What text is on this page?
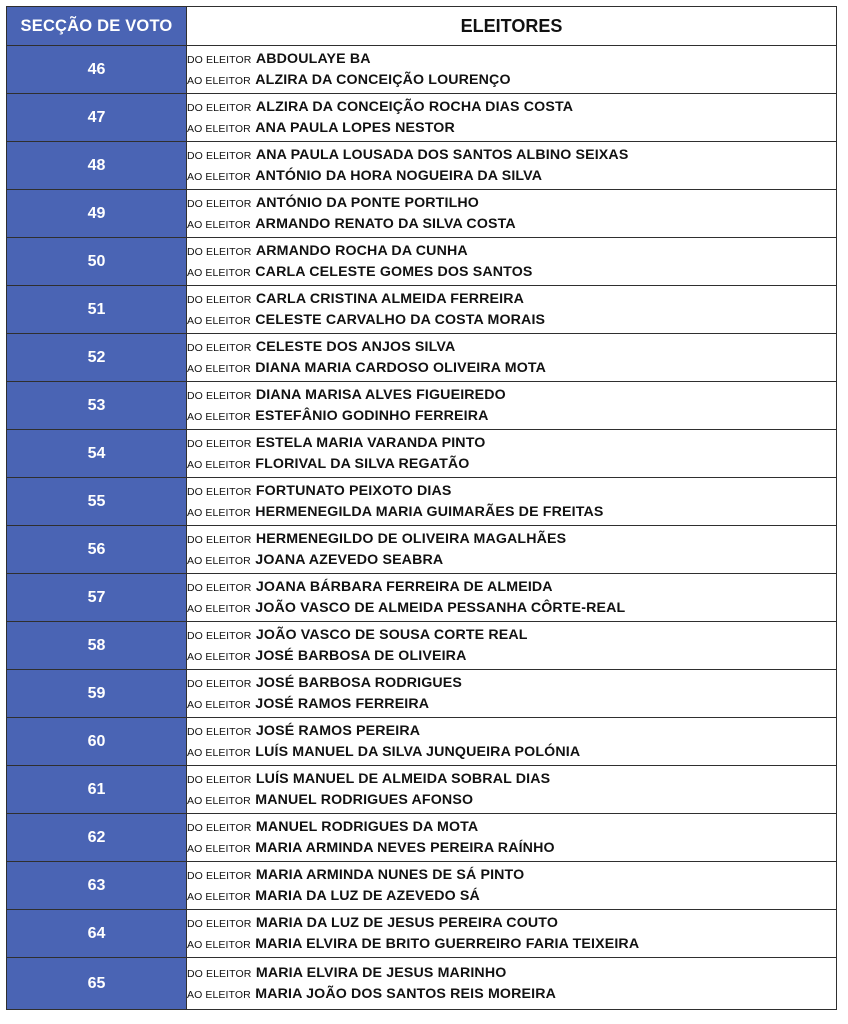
SECÇÃO DE VOTO	ELEITORES
46	DO ELEITOR ABDOULAYE BA
AO ELEITOR ALZIRA DA CONCEIÇÃO LOURENÇO

47	DO ELEITOR ALZIRA DA CONCEIÇÃO ROCHA DIAS COSTA
AO ELEITOR ANA PAULA LOPES NESTOR

48	DO ELEITOR ANA PAULA LOUSADA DOS SANTOS ALBINO SEIXAS
AO ELEITOR ANTÓNIO DA HORA NOGUEIRA DA SILVA

49	DO ELEITOR ANTÓNIO DA PONTE PORTILHO
AO ELEITOR ARMANDO RENATO DA SILVA COSTA

50	DO ELEITOR ARMANDO ROCHA DA CUNHA
AO ELEITOR CARLA CELESTE GOMES DOS SANTOS

51	DO ELEITOR CARLA CRISTINA ALMEIDA FERREIRA
AO ELEITOR CELESTE CARVALHO DA COSTA MORAIS

52	DO ELEITOR CELESTE DOS ANJOS SILVA
AO ELEITOR DIANA MARIA CARDOSO OLIVEIRA MOTA

53	DO ELEITOR DIANA MARISA ALVES FIGUEIREDO
AO ELEITOR ESTEFÂNIO GODINHO FERREIRA

54	DO ELEITOR ESTELA MARIA VARANDA PINTO
AO ELEITOR FLORIVAL DA SILVA REGATÃO

55	DO ELEITOR FORTUNATO PEIXOTO DIAS
AO ELEITOR HERMENEGILDA MARIA GUIMARÃES DE FREITAS

56	DO ELEITOR HERMENEGILDO DE OLIVEIRA MAGALHÃES
AO ELEITOR JOANA AZEVEDO SEABRA

57	DO ELEITOR JOANA BÁRBARA FERREIRA DE ALMEIDA
AO ELEITOR JOÃO VASCO DE ALMEIDA PESSANHA CÔRTE-REAL

58	DO ELEITOR JOÃO VASCO DE SOUSA CORTE REAL
AO ELEITOR JOSÉ BARBOSA DE OLIVEIRA

59	DO ELEITOR JOSÉ BARBOSA RODRIGUES
AO ELEITOR JOSÉ RAMOS FERREIRA

60	DO ELEITOR JOSÉ RAMOS PEREIRA
AO ELEITOR LUÍS MANUEL DA SILVA JUNQUEIRA POLÓNIA

61	DO ELEITOR LUÍS MANUEL DE ALMEIDA SOBRAL DIAS
AO ELEITOR MANUEL RODRIGUES AFONSO

62	DO ELEITOR MANUEL RODRIGUES DA MOTA
AO ELEITOR MARIA ARMINDA NEVES PEREIRA RAÍNHO

63	DO ELEITOR MARIA ARMINDA NUNES DE SÁ PINTO
AO ELEITOR MARIA DA LUZ DE AZEVEDO SÁ

64	DO ELEITOR MARIA DA LUZ DE JESUS PEREIRA COUTO
AO ELEITOR MARIA ELVIRA DE BRITO GUERREIRO FARIA TEIXEIRA

65	DO ELEITOR MARIA ELVIRA DE JESUS MARINHO
AO ELEITOR MARIA JOÃO DOS SANTOS REIS MOREIRA
